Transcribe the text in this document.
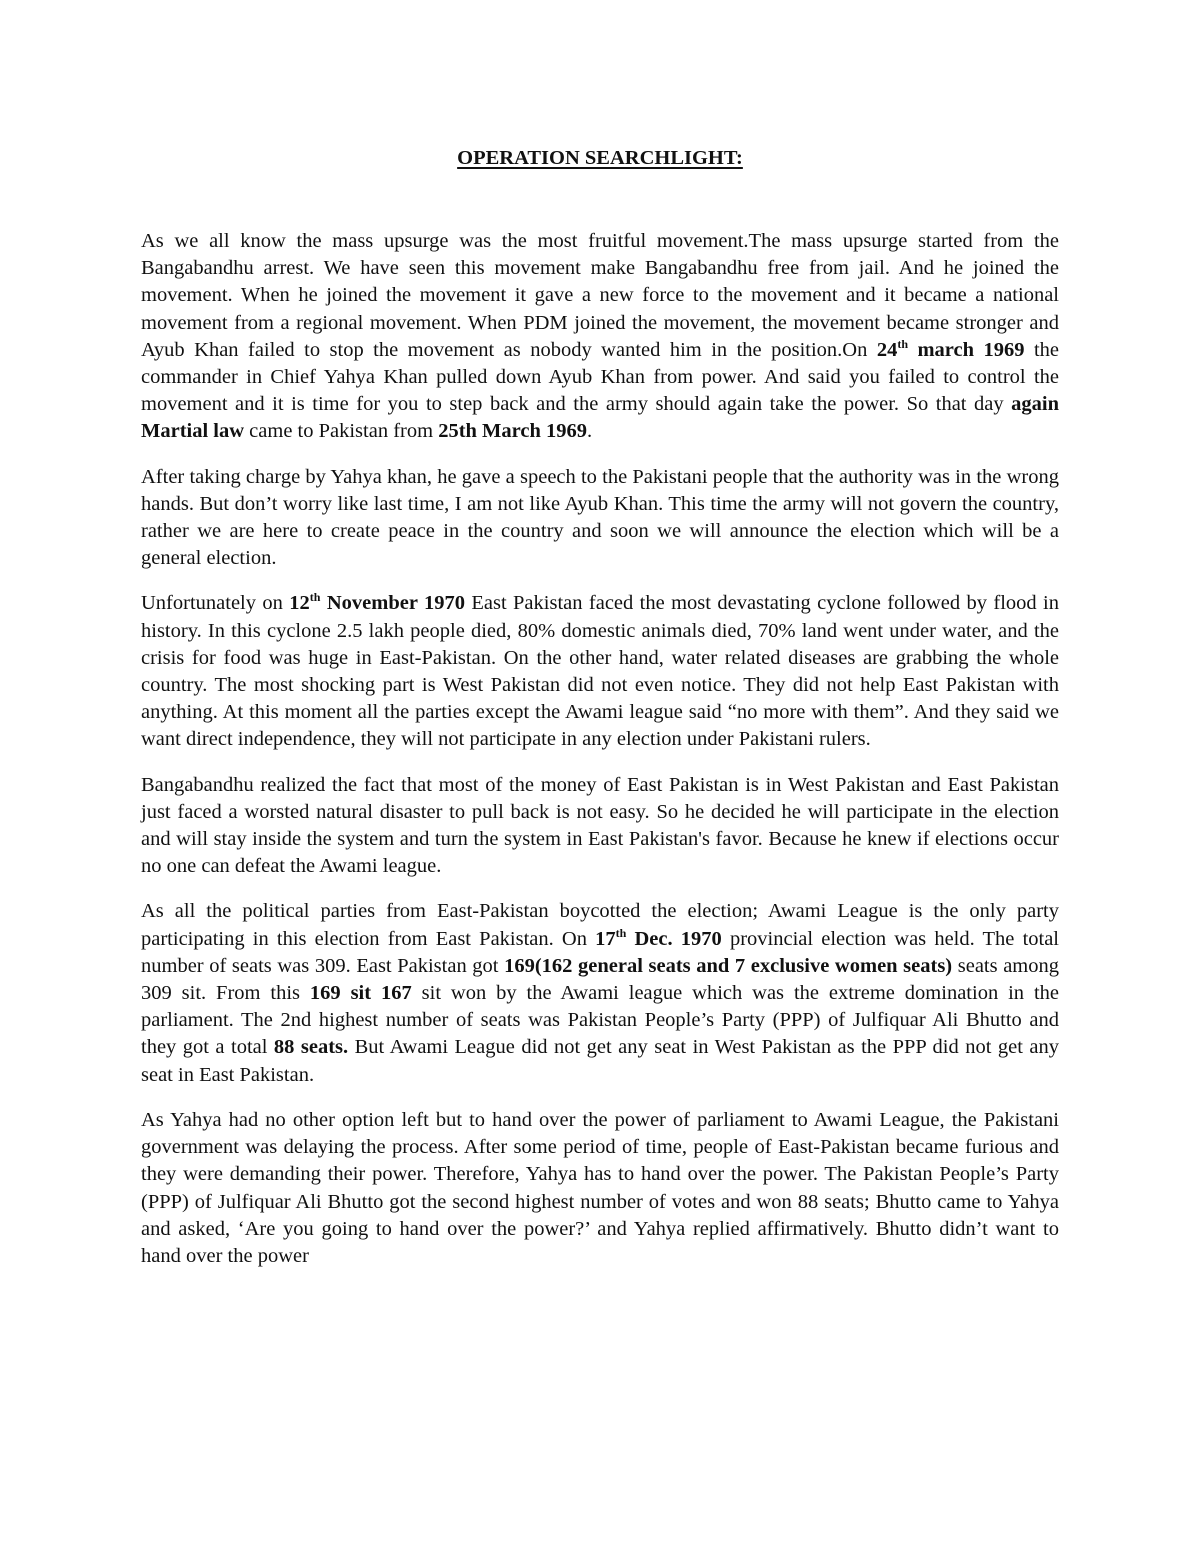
OPERATION SEARCHLIGHT:

As we all know the mass upsurge was the most fruitful movement.The mass upsurge started from the Bangabandhu arrest. We have seen this movement make Bangabandhu free from jail. And he joined the movement. When he joined the movement it gave a new force to the movement and it became a national movement from a regional movement. When PDM joined the movement, the movement became stronger and Ayub Khan failed to stop the movement as nobody wanted him in the position.On 24th march 1969 the commander in Chief Yahya Khan pulled down Ayub Khan from power. And said you failed to control the movement and it is time for you to step back and the army should again take the power. So that day again Martial law came to Pakistan from 25th March 1969.

After taking charge by Yahya khan, he gave a speech to the Pakistani people that the authority was in the wrong hands. But don’t worry like last time, I am not like Ayub Khan. This time the army will not govern the country, rather we are here to create peace in the country and soon we will announce the election which will be a general election.

Unfortunately on 12th November 1970 East Pakistan faced the most devastating cyclone followed by flood in history. In this cyclone 2.5 lakh people died, 80% domestic animals died, 70% land went under water, and the crisis for food was huge in East-Pakistan. On the other hand, water related diseases are grabbing the whole country. The most shocking part is West Pakistan did not even notice. They did not help East Pakistan with anything. At this moment all the parties except the Awami league said “no more with them”. And they said we want direct independence, they will not participate in any election under Pakistani rulers.

Bangabandhu realized the fact that most of the money of East Pakistan is in West Pakistan and East Pakistan just faced a worsted natural disaster to pull back is not easy. So he decided he will participate in the election and will stay inside the system and turn the system in East Pakistan's favor. Because he knew if elections occur no one can defeat the Awami league.

As all the political parties from East-Pakistan boycotted the election; Awami League is the only party participating in this election from East Pakistan. On 17th Dec. 1970 provincial election was held. The total number of seats was 309. East Pakistan got 169(162 general seats and 7 exclusive women seats) seats among 309 sit. From this 169 sit 167 sit won by the Awami league which was the extreme domination in the parliament. The 2nd highest number of seats was Pakistan People’s Party (PPP) of Julfiquar Ali Bhutto and they got a total 88 seats. But Awami League did not get any seat in West Pakistan as the PPP did not get any seat in East Pakistan.

As Yahya had no other option left but to hand over the power of parliament to Awami League, the Pakistani government was delaying the process. After some period of time, people of East-Pakistan became furious and they were demanding their power. Therefore, Yahya has to hand over the power. The Pakistan People’s Party (PPP) of Julfiquar Ali Bhutto got the second highest number of votes and won 88 seats; Bhutto came to Yahya and asked, ‘Are you going to hand over the power?’ and Yahya replied affirmatively. Bhutto didn’t want to hand over the power
